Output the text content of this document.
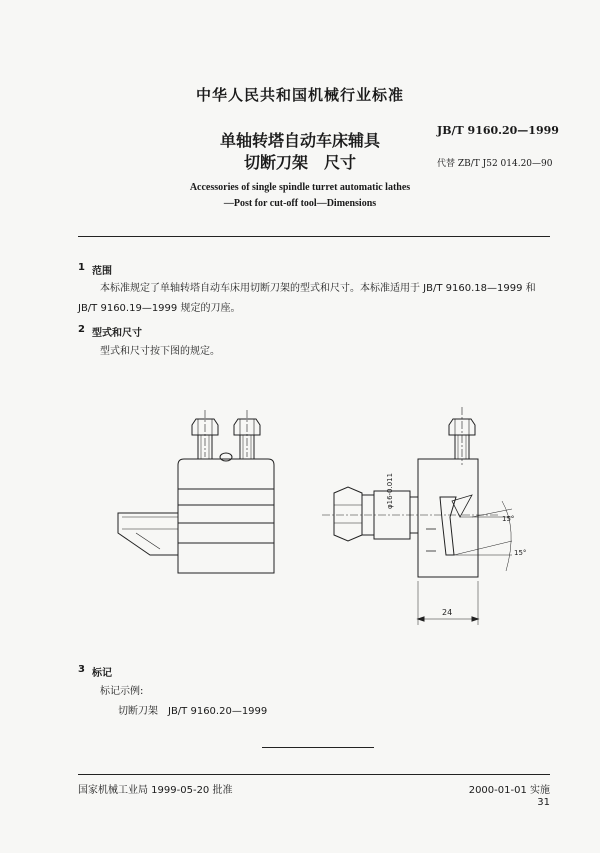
中华人民共和国机械行业标准
单轴转塔自动车床辅具
切断刀架　尺寸
JB/T 9160.20—1999
代替 ZB/T J52 014.20—90
Accessories of single spindle turret automatic lathes
—Post for cut-off tool—Dimensions
1 范围
本标准规定了单轴转塔自动车床用切断刀架的型式和尺寸。本标准适用于 JB/T 9160.18—1999 和
JB/T 9160.19—1999 规定的刀座。
2 型式和尺寸
型式和尺寸按下图的规定。
φ16-0.011
15°
15°
24
3 标记
标记示例:
切断刀架　JB/T 9160.20—1999
国家机械工业局 1999-05-20 批准	2000-01-01 实施
31
